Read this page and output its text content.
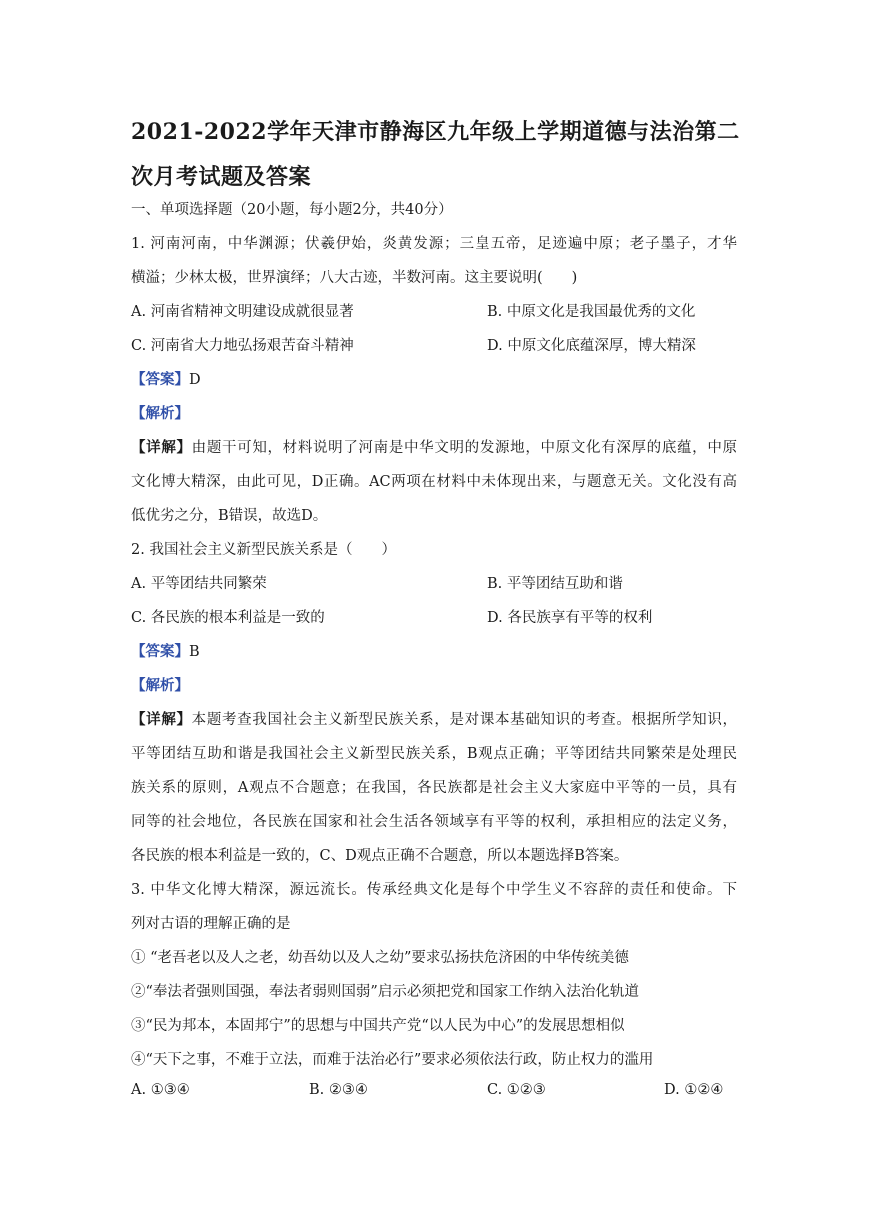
2021-2022学年天津市静海区九年级上学期道德与法治第二
次月考试题及答案
一、单项选择题（20小题，每小题2分，共40分）
1. 河南河南，中华渊源；伏羲伊始，炎黄发源；三皇五帝，足迹遍中原；老子墨子，才华
横溢；少林太极，世界演绎；八大古迹，半数河南。这主要说明(　　)
A. 河南省精神文明建设成就很显著	B. 中原文化是我国最优秀的文化
C. 河南省大力地弘扬艰苦奋斗精神	D. 中原文化底蕴深厚，博大精深
【答案】D
【解析】
【详解】由题干可知，材料说明了河南是中华文明的发源地，中原文化有深厚的底蕴，中原
文化博大精深，由此可见，D正确。AC两项在材料中未体现出来，与题意无关。文化没有高
低优劣之分，B错误，故选D。
2. 我国社会主义新型民族关系是（　　）
A. 平等团结共同繁荣	B. 平等团结互助和谐
C. 各民族的根本利益是一致的	D. 各民族享有平等的权利
【答案】B
【解析】
【详解】本题考查我国社会主义新型民族关系，是对课本基础知识的考查。根据所学知识，
平等团结互助和谐是我国社会主义新型民族关系，B观点正确；平等团结共同繁荣是处理民
族关系的原则，A观点不合题意；在我国，各民族都是社会主义大家庭中平等的一员，具有
同等的社会地位，各民族在国家和社会生活各领域享有平等的权利，承担相应的法定义务，
各民族的根本利益是一致的，C、D观点正确不合题意，所以本题选择B答案。
3. 中华文化博大精深，源远流长。传承经典文化是每个中学生义不容辞的责任和使命。下
列对古语的理解正确的是
① “老吾老以及人之老，幼吾幼以及人之幼”要求弘扬扶危济困的中华传统美德
②“奉法者强则国强，奉法者弱则国弱”启示必须把党和国家工作纳入法治化轨道
③“民为邦本，本固邦宁”的思想与中国共产党“以人民为中心”的发展思想相似
④“天下之事，不难于立法，而难于法治必行”要求必须依法行政，防止权力的滥用
A. ①③④	B. ②③④	C. ①②③	D. ①②④
